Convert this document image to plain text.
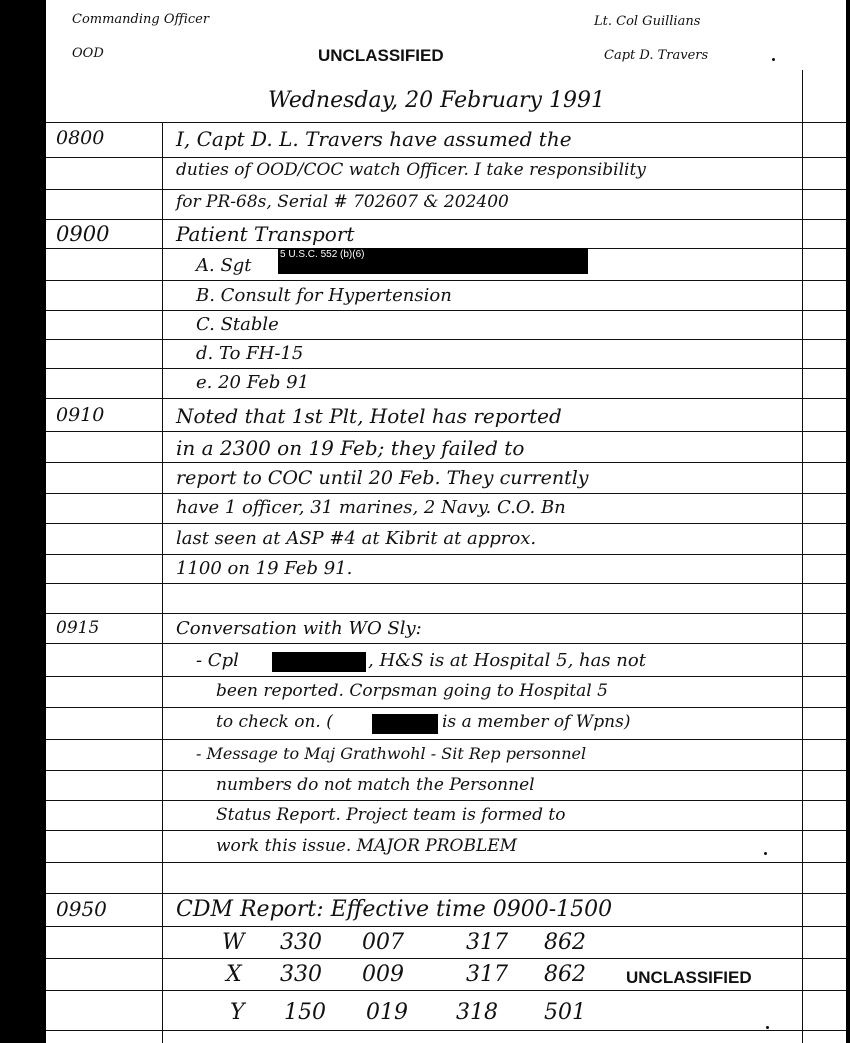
Commanding Officer
OOD	UNCLASSIFIED
Lt. Col Guillians
Capt D. Travers
Wednesday, 20 February 1991
0800	I, Capt D. L. Travers have assumed the
duties of OOD/COC watch Officer. I take responsibility
for PR-68s, Serial # 702607 & 202400
0900	Patient Transport
A. Sgt
5 U.S.C. 552 (b)(6)
B. Consult for Hypertension
C. Stable
d. To FH-15
e. 20 Feb 91
0910	Noted that 1st Plt, Hotel has reported
in a 2300 on 19 Feb; they failed to
report to COC until 20 Feb. They currently
have 1 officer, 31 marines, 2 Navy. C.O. Bn
last seen at ASP #4 at Kibrit at approx.
1100 on 19 Feb 91.
0915	Conversation with WO Sly:
- Cpl	, H&S is at Hospital 5, has not
been reported. Corpsman going to Hospital 5
to check on. (	is a member of Wpns)
- Message to Maj Grathwohl - Sit Rep personnel
numbers do not match the Personnel
Status Report. Project team is formed to
work this issue. MAJOR PROBLEM
0950	CDM Report: Effective time 0900-1500
W 330 007	317 862
X 330 009	317 862
Y 150 019 318 501
UNCLASSIFIED
